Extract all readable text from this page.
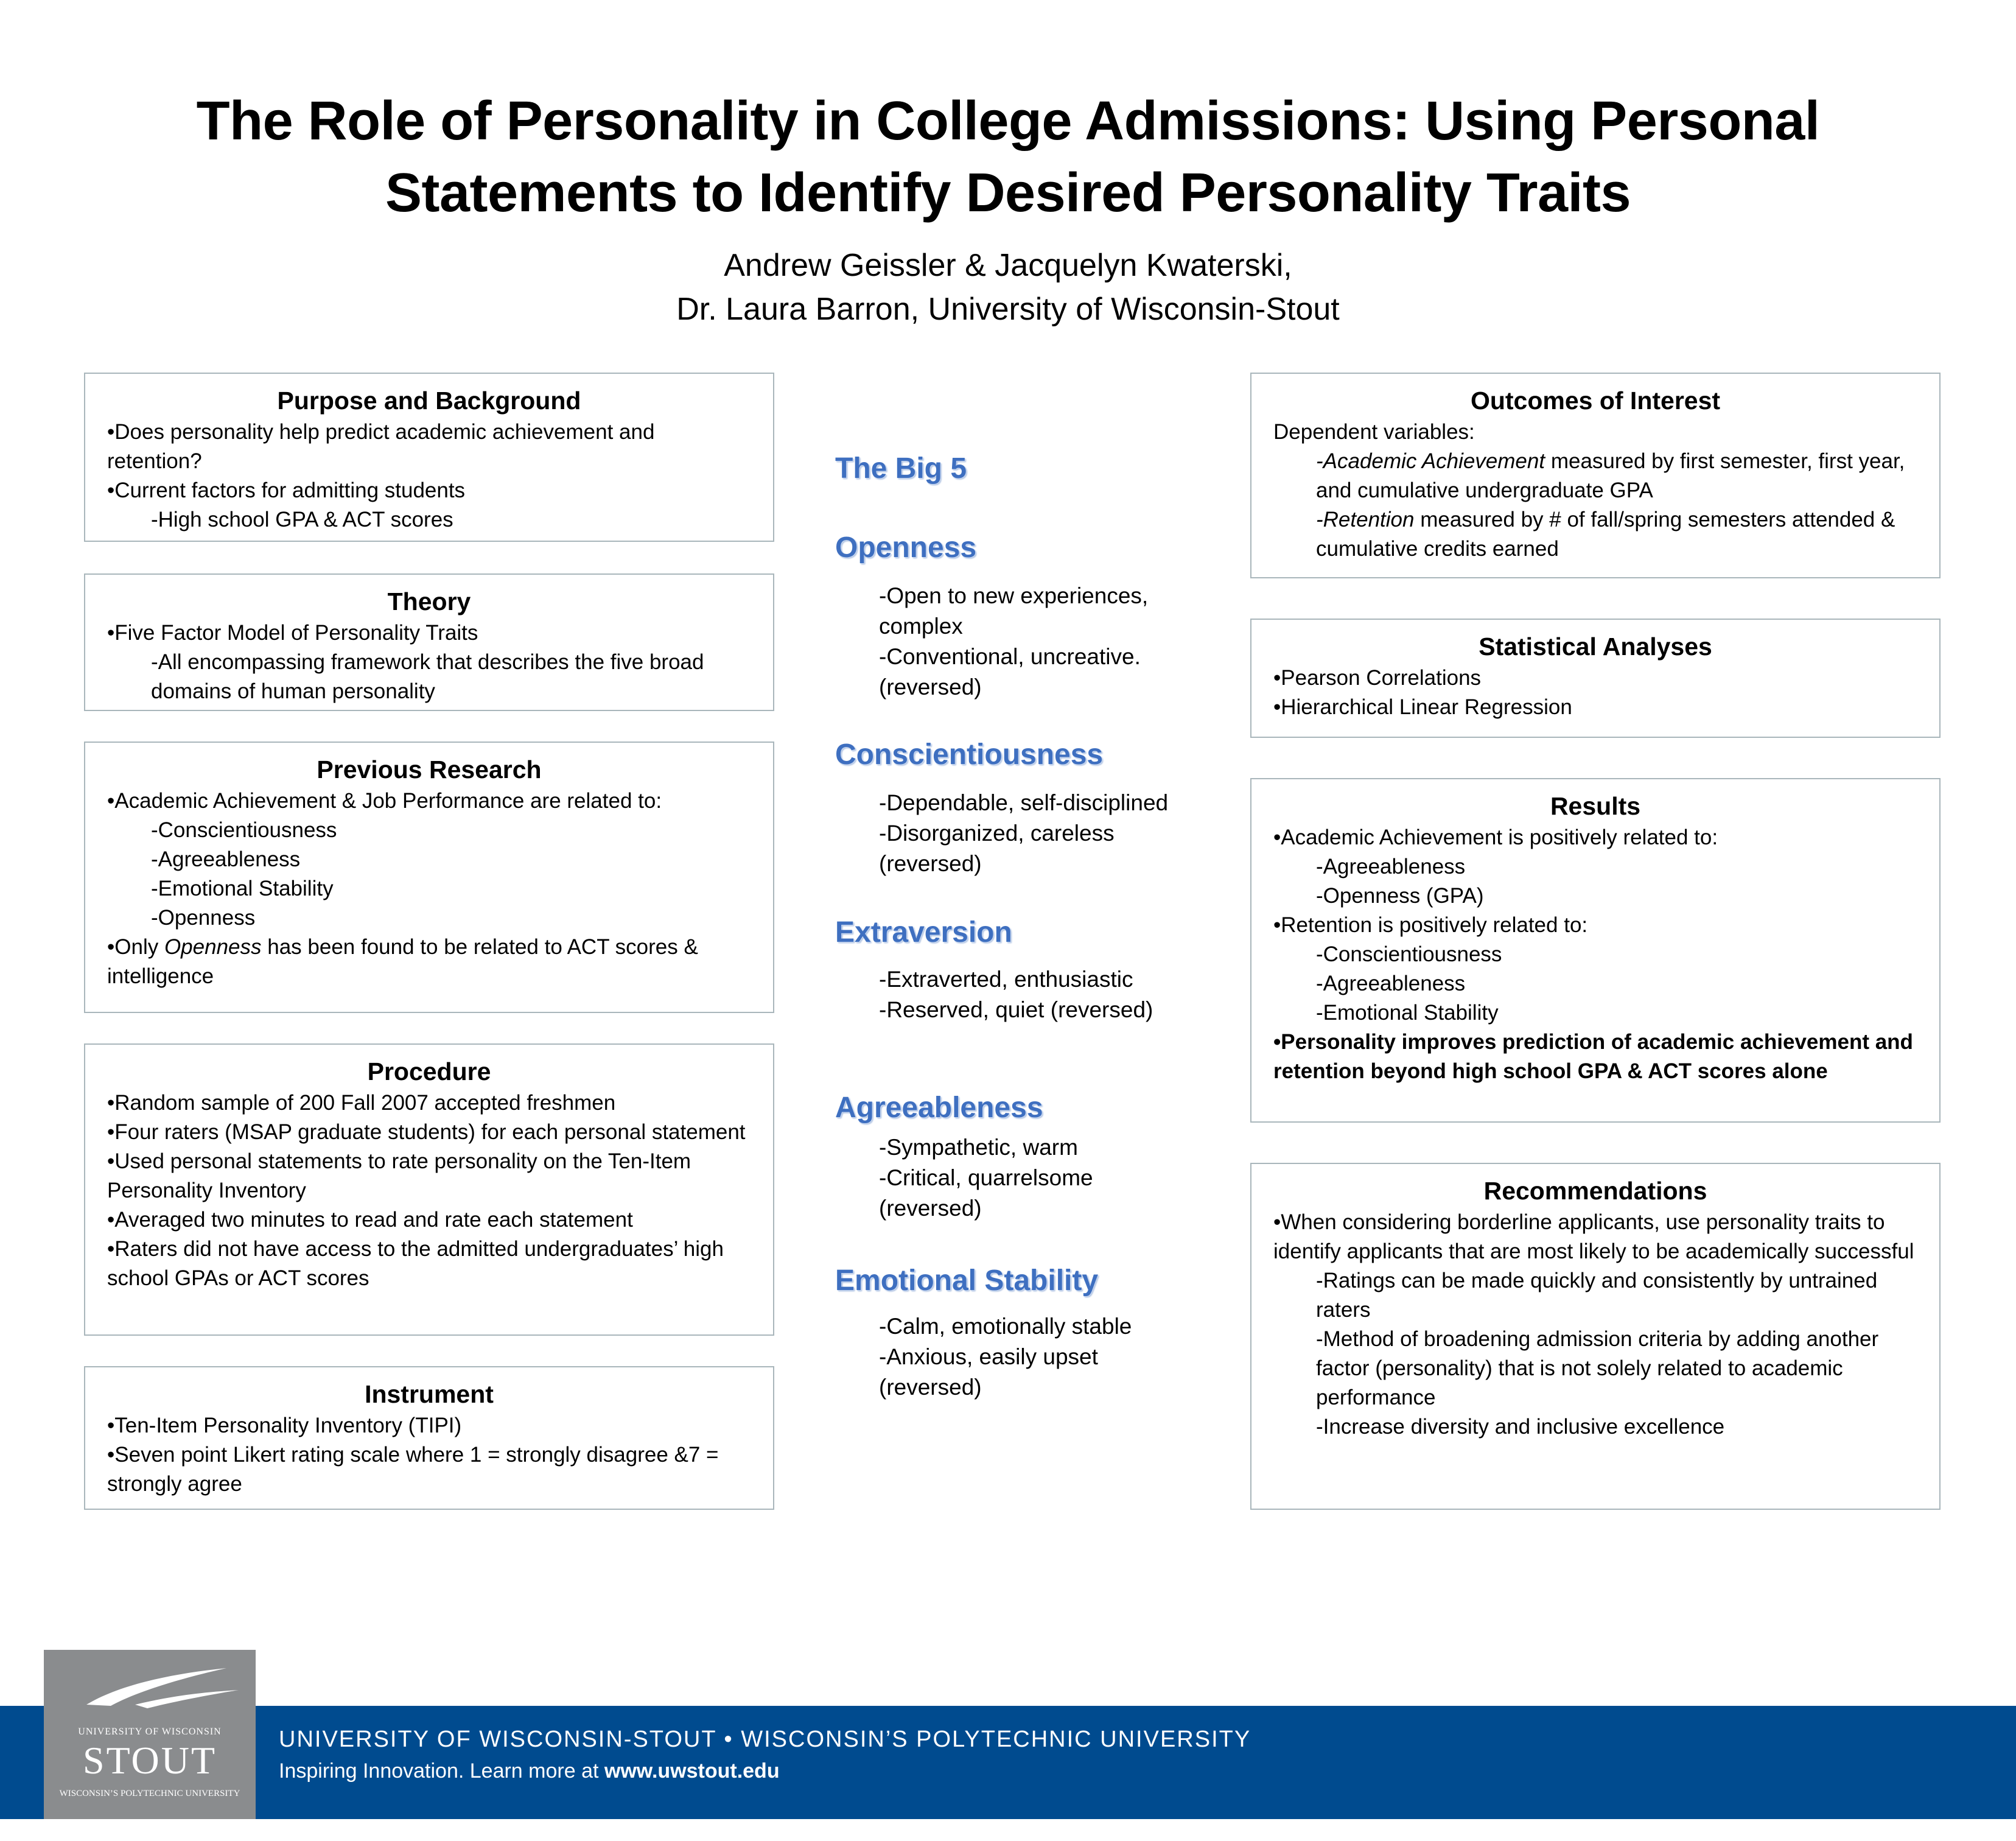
The Role of Personality in College Admissions: Using Personal
Statements to Identify Desired Personality Traits
Andrew Geissler & Jacquelyn Kwaterski,
Dr. Laura Barron, University of Wisconsin-Stout
Purpose and Background

•Does personality help predict academic achievement and retention?

•Current factors for admitting students

-High school GPA & ACT scores

Theory

•Five Factor Model of Personality Traits

-All encompassing framework that describes the five broad domains of human personality

Previous Research

•Academic Achievement & Job Performance are related to:

-Conscientiousness

-Agreeableness

-Emotional Stability

-Openness

•Only Openness has been found to be related to ACT scores & intelligence

Procedure

•Random sample of 200 Fall 2007 accepted freshmen

•Four raters (MSAP graduate students) for each personal statement

•Used personal statements to rate personality on the Ten-Item Personality Inventory

•Averaged two minutes to read and rate each statement

•Raters did not have access to the admitted undergraduates’ high school GPAs or ACT scores

Instrument

•Ten-Item Personality Inventory (TIPI)

•Seven point Likert rating scale where 1 = strongly disagree &7 = strongly agree

The Big 5
Openness

-Open to new experiences, complex

-Conventional, uncreative. (reversed)

Conscientiousness

-Dependable, self-disciplined

-Disorganized, careless (reversed)

Extraversion

-Extraverted, enthusiastic

-Reserved, quiet (reversed)

Agreeableness

-Sympathetic, warm

-Critical, quarrelsome (reversed)

Emotional Stability

-Calm, emotionally stable

-Anxious, easily upset (reversed)

Outcomes of Interest

Dependent variables:

-Academic Achievement measured by first semester, first year, and cumulative undergraduate GPA

-Retention measured by # of fall/spring semesters attended & cumulative credits earned

Statistical Analyses

•Pearson Correlations

•Hierarchical Linear Regression

Results

•Academic Achievement is positively related to:

-Agreeableness

-Openness (GPA)

•Retention is positively related to:

-Conscientiousness

-Agreeableness

-Emotional Stability

•Personality improves prediction of academic achievement and retention beyond high school GPA & ACT scores alone

Recommendations

•When considering borderline applicants, use personality traits to identify applicants that are most likely to be academically successful

-Ratings can be made quickly and consistently by untrained raters

-Method of broadening admission criteria by adding another factor (personality) that is not solely related to academic performance

-Increase diversity and inclusive excellence

UNIVERSITY OF WISCONSIN-STOUT • WISCONSIN’S POLYTECHNIC UNIVERSITY
Inspiring Innovation. Learn more at www.uwstout.edu
UNIVERSITY OF WISCONSIN
STOUT
WISCONSIN’S POLYTECHNIC UNIVERSITY
